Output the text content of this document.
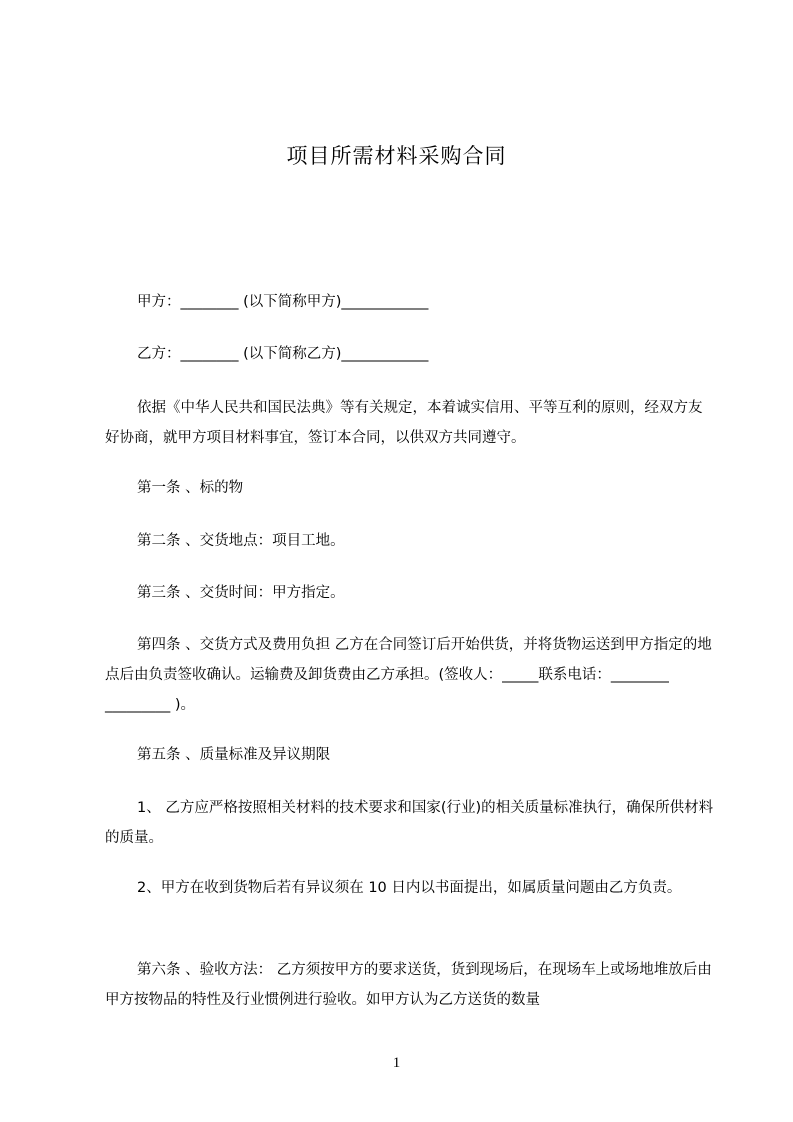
项目所需材料采购合同

甲方：________ (以下简称甲方)____________

乙方：________ (以下简称乙方)____________

依据《中华人民共和国民法典》等有关规定，本着诚实信用、平等互利的原则，经双方友好协商，就甲方项目材料事宜，签订本合同，以供双方共同遵守。

第一条 、标的物

第二条 、交货地点：项目工地。

第三条 、交货时间：甲方指定。

第四条 、交货方式及费用负担 乙方在合同签订后开始供货，并将货物运送到甲方指定的地点后由负责签收确认。运输费及卸货费由乙方承担。(签收人：_____联系电话：________ _________ )。

第五条 、质量标准及异议期限

1、 乙方应严格按照相关材料的技术要求和国家(行业)的相关质量标准执行，确保所供材料的质量。

2、甲方在收到货物后若有异议须在 10 日内以书面提出，如属质量问题由乙方负责。

第六条 、验收方法： 乙方须按甲方的要求送货，货到现场后，在现场车上或场地堆放后由甲方按物品的特性及行业惯例进行验收。如甲方认为乙方送货的数量

1
